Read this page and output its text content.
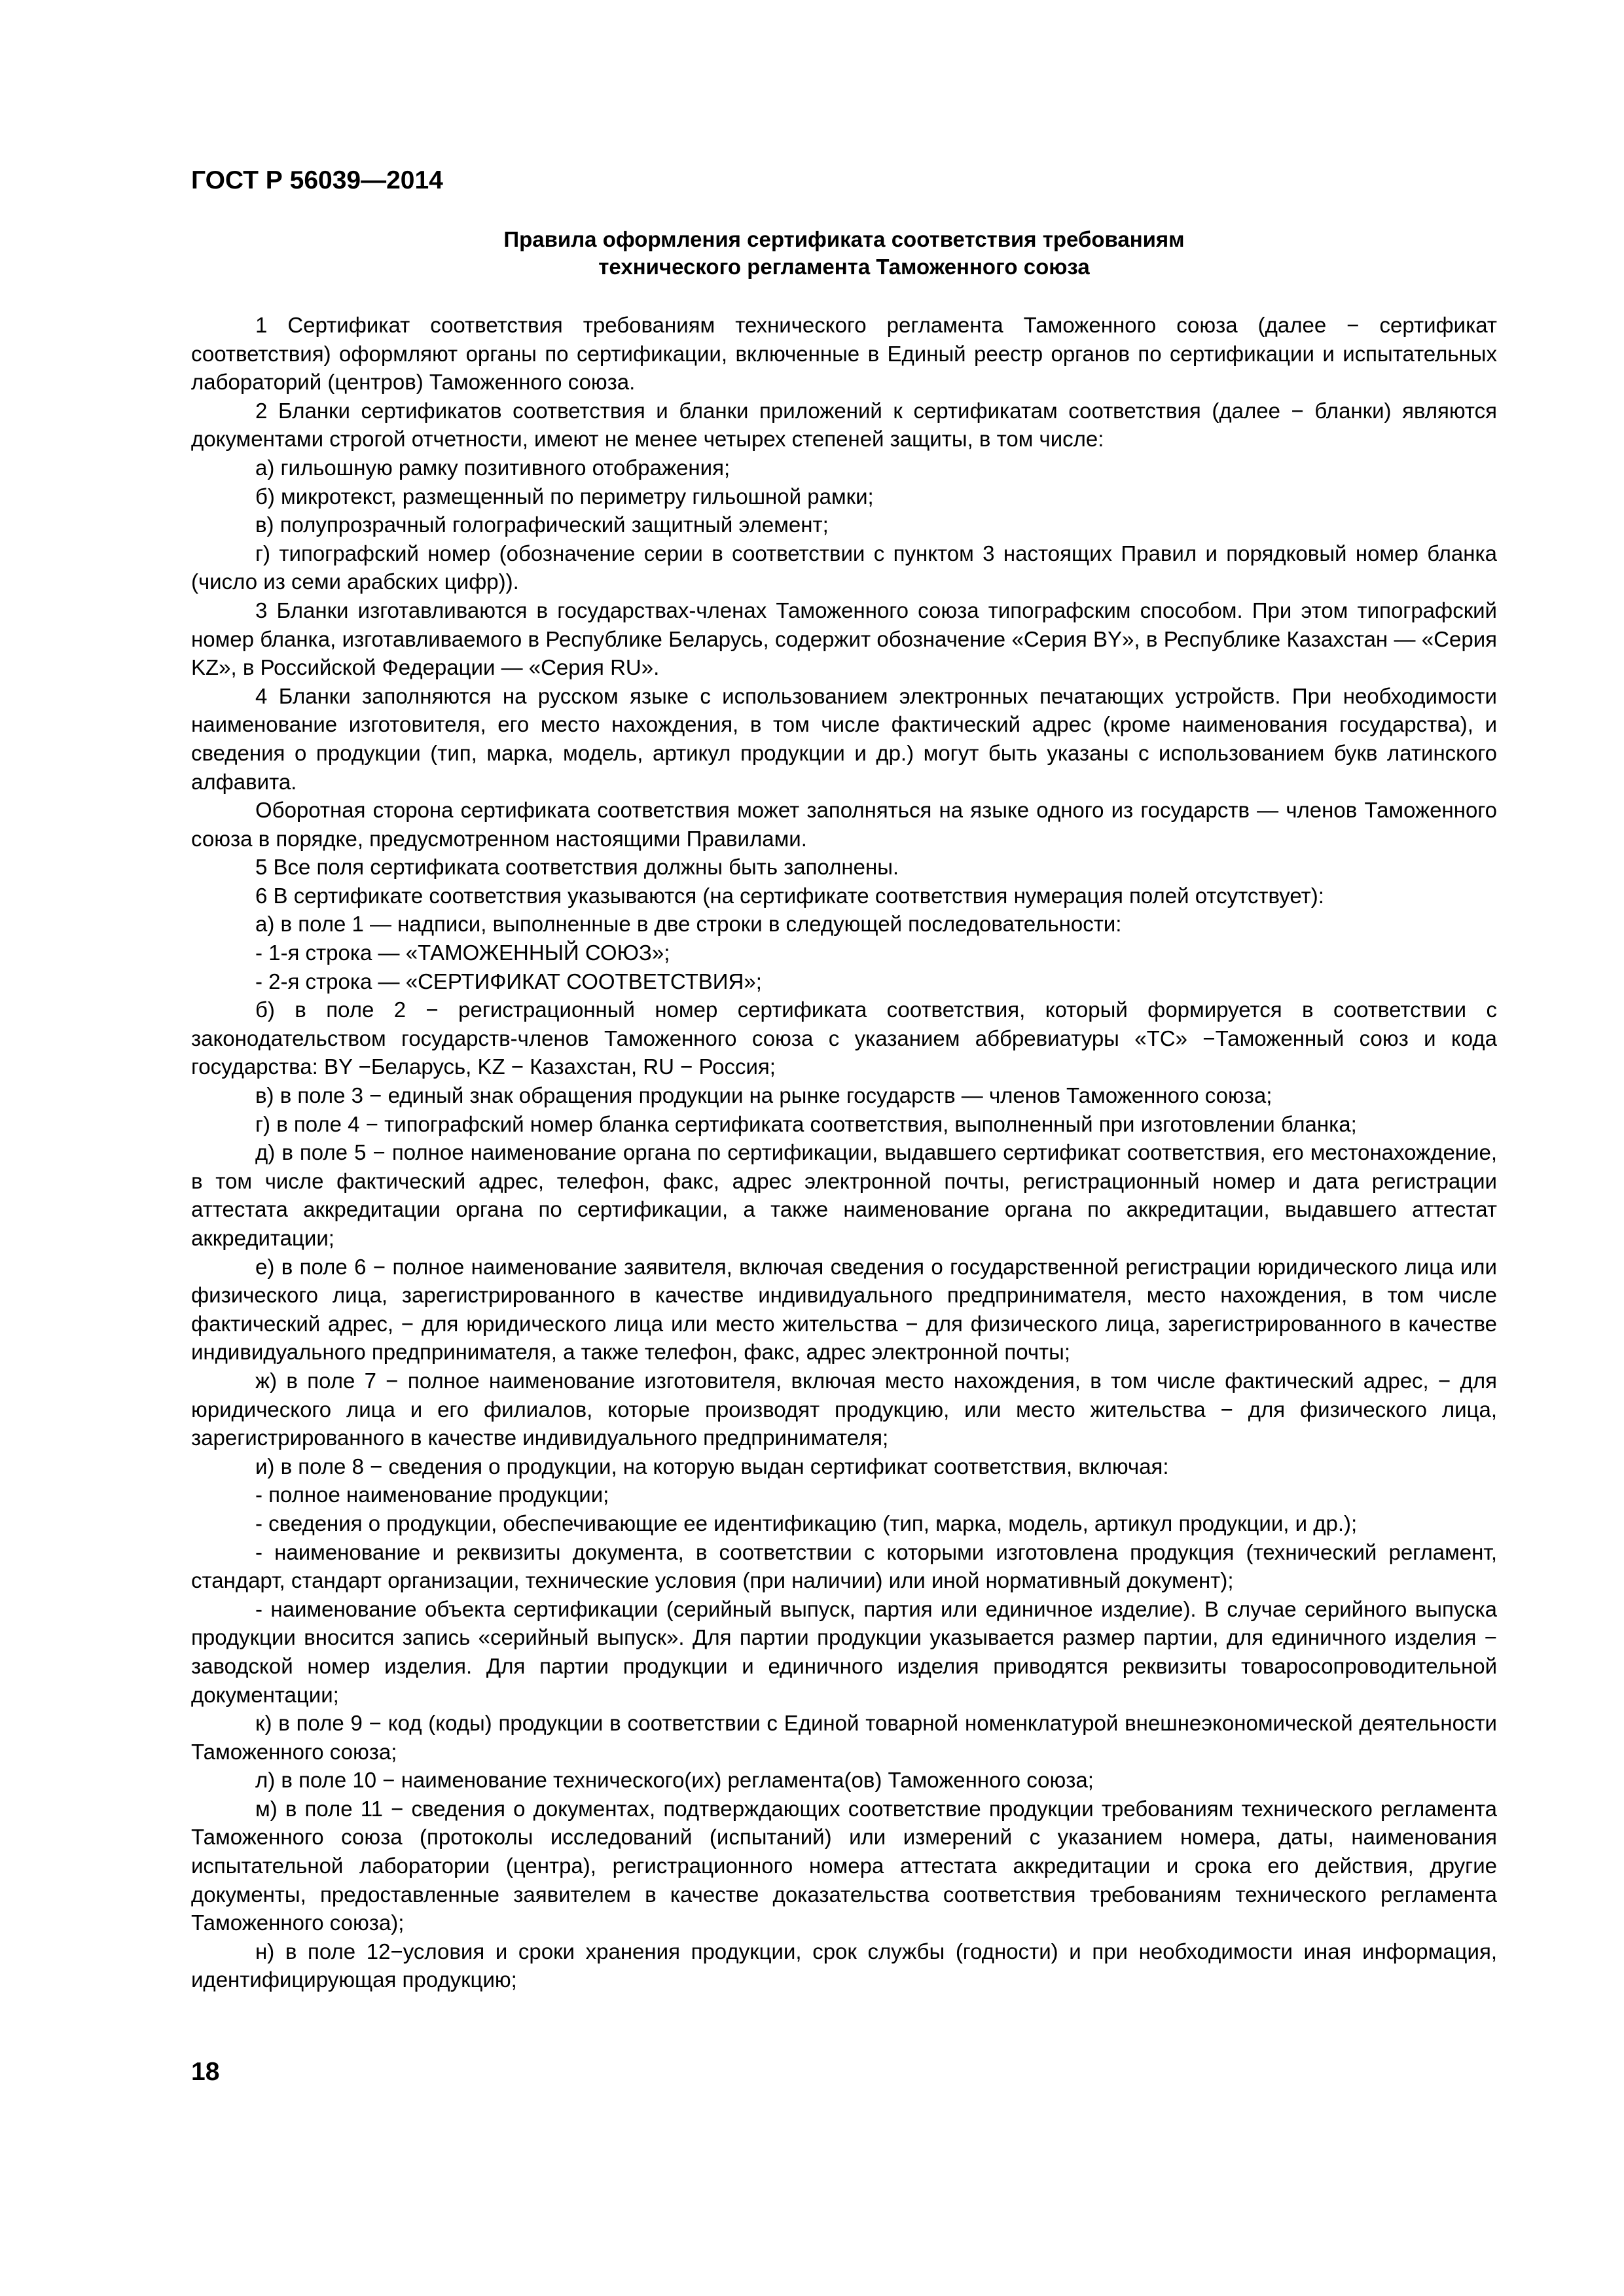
ГОСТ Р 56039—2014
Правила оформления сертификата соответствия требованиям
технического регламента Таможенного союза

1 Сертификат соответствия требованиям технического регламента Таможенного союза (далее − сертификат соответствия) оформляют органы по сертификации, включенные в Единый реестр органов по сертификации и испытательных лабораторий (центров) Таможенного союза.

2 Бланки сертификатов соответствия и бланки приложений к сертификатам соответствия (далее − бланки) являются документами строгой отчетности, имеют не менее четырех степеней защиты, в том числе:

а) гильошную рамку позитивного отображения;

б) микротекст, размещенный по периметру гильошной рамки;

в) полупрозрачный голографический защитный элемент;

г) типографский номер (обозначение серии в соответствии с пунктом 3 настоящих Правил и порядковый номер бланка (число из семи арабских цифр)).

3 Бланки изготавливаются в государствах-членах Таможенного союза типографским способом. При этом типографский номер бланка, изготавливаемого в Республике Беларусь, содержит обозначение «Серия BY», в Республике Казахстан — «Серия KZ», в Российской Федерации — «Серия RU».

4 Бланки заполняются на русском языке с использованием электронных печатающих устройств. При необходимости наименование изготовителя, его место нахождения, в том числе фактический адрес (кроме наименования государства), и сведения о продукции (тип, марка, модель, артикул продукции и др.) могут быть указаны с использованием букв латинского алфавита.

Оборотная сторона сертификата соответствия может заполняться на языке одного из государств — членов Таможенного союза в порядке, предусмотренном настоящими Правилами.

5 Все поля сертификата соответствия должны быть заполнены.

6 В сертификате соответствия указываются (на сертификате соответствия нумерация полей отсутствует):

а) в поле 1 — надписи, выполненные в две строки в следующей последовательности:

- 1-я строка — «ТАМОЖЕННЫЙ СОЮЗ»;

- 2-я строка — «СЕРТИФИКАТ СООТВЕТСТВИЯ»;

б) в поле 2 − регистрационный номер сертификата соответствия, который формируется в соответствии с законодательством государств-членов Таможенного союза с указанием аббревиатуры «ТС» −Таможенный союз и кода государства: BY −Беларусь, KZ − Казахстан, RU − Россия;

в) в поле 3 − единый знак обращения продукции на рынке государств — членов Таможенного союза;

г) в поле 4 − типографский номер бланка сертификата соответствия, выполненный при изготовлении бланка;

д) в поле 5 − полное наименование органа по сертификации, выдавшего сертификат соответствия, его местонахождение, в том числе фактический адрес, телефон, факс, адрес электронной почты, регистрационный номер и дата регистрации аттестата аккредитации органа по сертификации, а также наименование органа по аккредитации, выдавшего аттестат аккредитации;

е) в поле 6 − полное наименование заявителя, включая сведения о государственной регистрации юридического лица или физического лица, зарегистрированного в качестве индивидуального предпринимателя, место нахождения, в том числе фактический адрес, − для юридического лица или место жительства − для физического лица, зарегистрированного в качестве индивидуального предпринимателя, а также телефон, факс, адрес электронной почты;

ж) в поле 7 − полное наименование изготовителя, включая место нахождения, в том числе фактический адрес, − для юридического лица и его филиалов, которые производят продукцию, или место жительства − для физического лица, зарегистрированного в качестве индивидуального предпринимателя;

и) в поле 8 − сведения о продукции, на которую выдан сертификат соответствия, включая:

- полное наименование продукции;

- сведения о продукции, обеспечивающие ее идентификацию (тип, марка, модель, артикул продукции, и др.);

- наименование и реквизиты документа, в соответствии с которыми изготовлена продукция (технический регламент, стандарт, стандарт организации, технические условия (при наличии) или иной нормативный документ);

- наименование объекта сертификации (серийный выпуск, партия или единичное изделие). В случае серийного выпуска продукции вносится запись «серийный выпуск». Для партии продукции указывается размер партии, для единичного изделия − заводской номер изделия. Для партии продукции и единичного изделия приводятся реквизиты товаросопроводительной документации;

к) в поле 9 − код (коды) продукции в соответствии с Единой товарной номенклатурой внешнеэкономической деятельности Таможенного союза;

л) в поле 10 − наименование технического(их) регламента(ов) Таможенного союза;

м) в поле 11 − сведения о документах, подтверждающих соответствие продукции требованиям технического регламента Таможенного союза (протоколы исследований (испытаний) или измерений с указанием номера, даты, наименования испытательной лаборатории (центра), регистрационного номера аттестата аккредитации и срока его действия, другие документы, предоставленные заявителем в качестве доказательства соответствия требованиям технического регламента Таможенного союза);

н) в поле 12−условия и сроки хранения продукции, срок службы (годности) и при необходимости иная информация, идентифицирующая продукцию;

18
